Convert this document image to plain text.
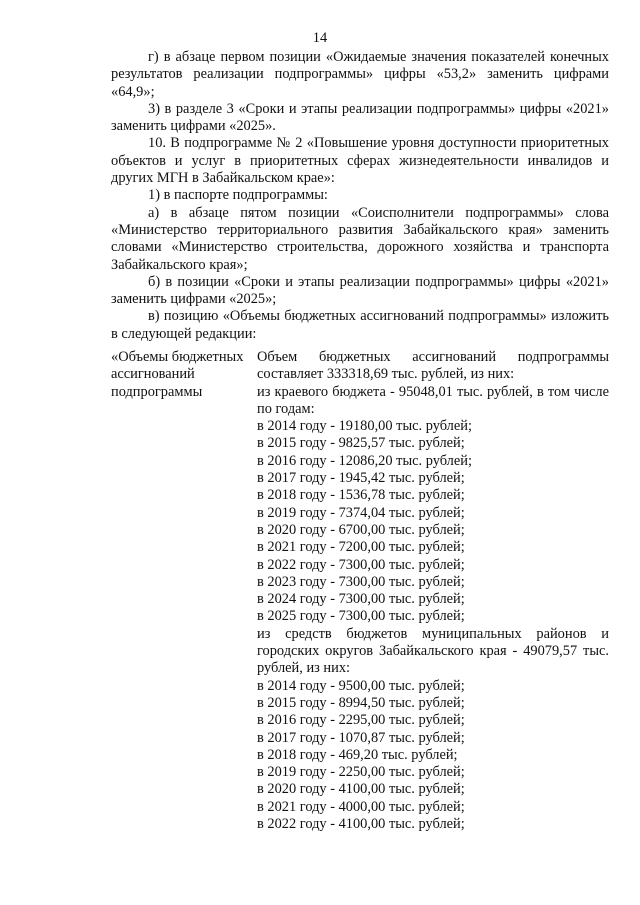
14

г) в абзаце первом позиции «Ожидаемые значения показателей конечных результатов реализации подпрограммы» цифры «53,2» заменить цифрами «64,9»;

3) в разделе 3 «Сроки и этапы реализации подпрограммы» цифры «2021» заменить цифрами «2025».

10. В подпрограмме № 2 «Повышение уровня доступности приоритетных объектов и услуг в приоритетных сферах жизнедеятельности инвалидов и других МГН в Забайкальском крае»:

1) в паспорте подпрограммы:

а) в абзаце пятом позиции «Соисполнители подпрограммы» слова «Министерство территориального развития Забайкальского края» заменить словами «Министерство строительства, дорожного хозяйства и транспорта Забайкальского края»;

б) в позиции «Сроки и этапы реализации подпрограммы» цифры «2021» заменить цифрами «2025»;

в) позицию «Объемы бюджетных ассигнований подпрограммы» изложить в следующей редакции:

«Объемы бюджетных ассигнований подпрограммы

Объем бюджетных ассигнований подпрограммы составляет 333318,69 тыс. рублей, из них:

из краевого бюджета - 95048,01 тыс. рублей, в том числе по годам:

в 2014 году - 19180,00 тыс. рублей;

в 2015 году - 9825,57 тыс. рублей;

в 2016 году - 12086,20 тыс. рублей;

в 2017 году - 1945,42 тыс. рублей;

в 2018 году - 1536,78 тыс. рублей;

в 2019 году - 7374,04 тыс. рублей;

в 2020 году - 6700,00 тыс. рублей;

в 2021 году - 7200,00 тыс. рублей;

в 2022 году - 7300,00 тыс. рублей;

в 2023 году - 7300,00 тыс. рублей;

в 2024 году - 7300,00 тыс. рублей;

в 2025 году - 7300,00 тыс. рублей;

из средств бюджетов муниципальных районов и городских округов Забайкальского края - 49079,57 тыс. рублей, из них:

в 2014 году - 9500,00 тыс. рублей;

в 2015 году - 8994,50 тыс. рублей;

в 2016 году - 2295,00 тыс. рублей;

в 2017 году - 1070,87 тыс. рублей;

в 2018 году - 469,20 тыс. рублей;

в 2019 году - 2250,00 тыс. рублей;

в 2020 году - 4100,00 тыс. рублей;

в 2021 году - 4000,00 тыс. рублей;

в 2022 году - 4100,00 тыс. рублей;
